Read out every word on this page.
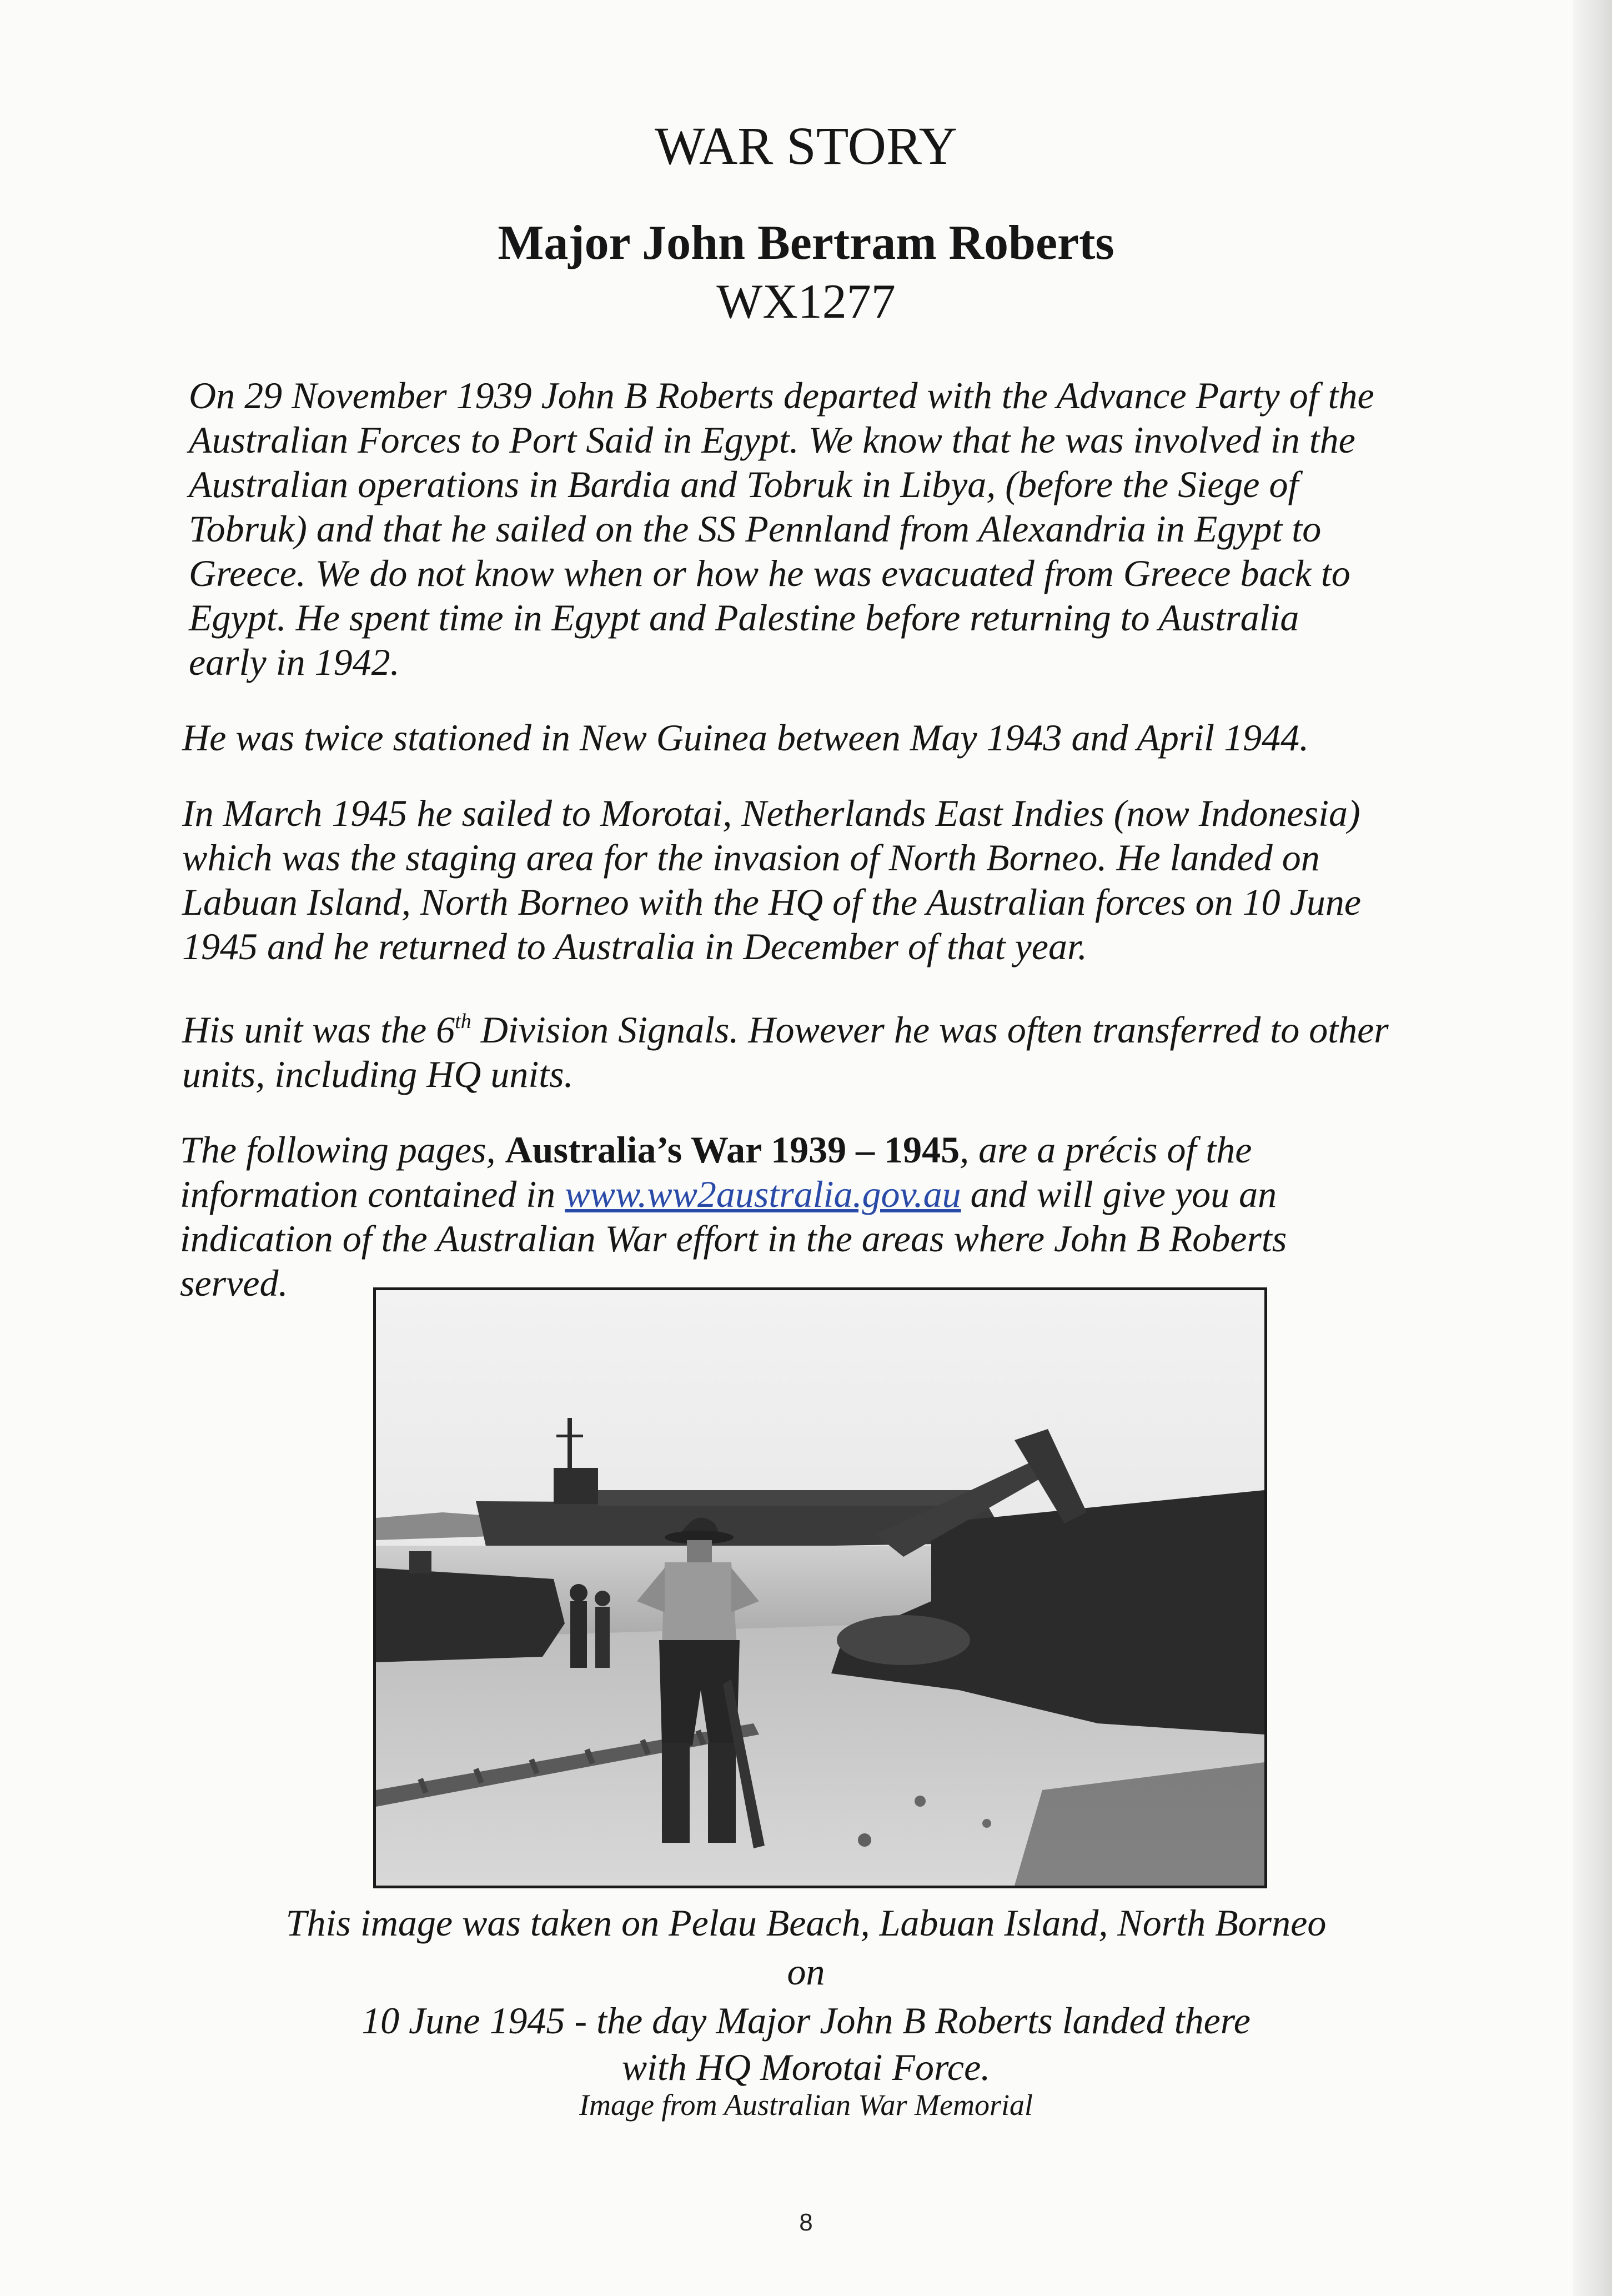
WAR STORY
Major John Bertram Roberts
WX1277

On 29 November 1939 John B Roberts departed with the Advance Party of the Australian Forces to Port Said in Egypt. We know that he was involved in the Australian operations in Bardia and Tobruk in Libya, (before the Siege of Tobruk) and that he sailed on the SS Pennland from Alexandria in Egypt to Greece. We do not know when or how he was evacuated from Greece back to Egypt. He spent time in Egypt and Palestine before returning to Australia early in 1942.

He was twice stationed in New Guinea between May 1943 and April 1944.

In March 1945 he sailed to Morotai, Netherlands East Indies (now Indonesia) which was the staging area for the invasion of North Borneo. He landed on Labuan Island, North Borneo with the HQ of the Australian forces on 10 June 1945 and he returned to Australia in December of that year.

His unit was the 6th Division Signals. However he was often transferred to other units, including HQ units.

The following pages, Australia’s War 1939 – 1945, are a précis of the information contained in www.ww2australia.gov.au and will give you an indication of the Australian War effort in the areas where John B Roberts served.

This image was taken on Pelau Beach, Labuan Island, North Borneo

on

10 June 1945 - the day Major John B Roberts landed there

with HQ Morotai Force.

Image from Australian War Memorial

8
